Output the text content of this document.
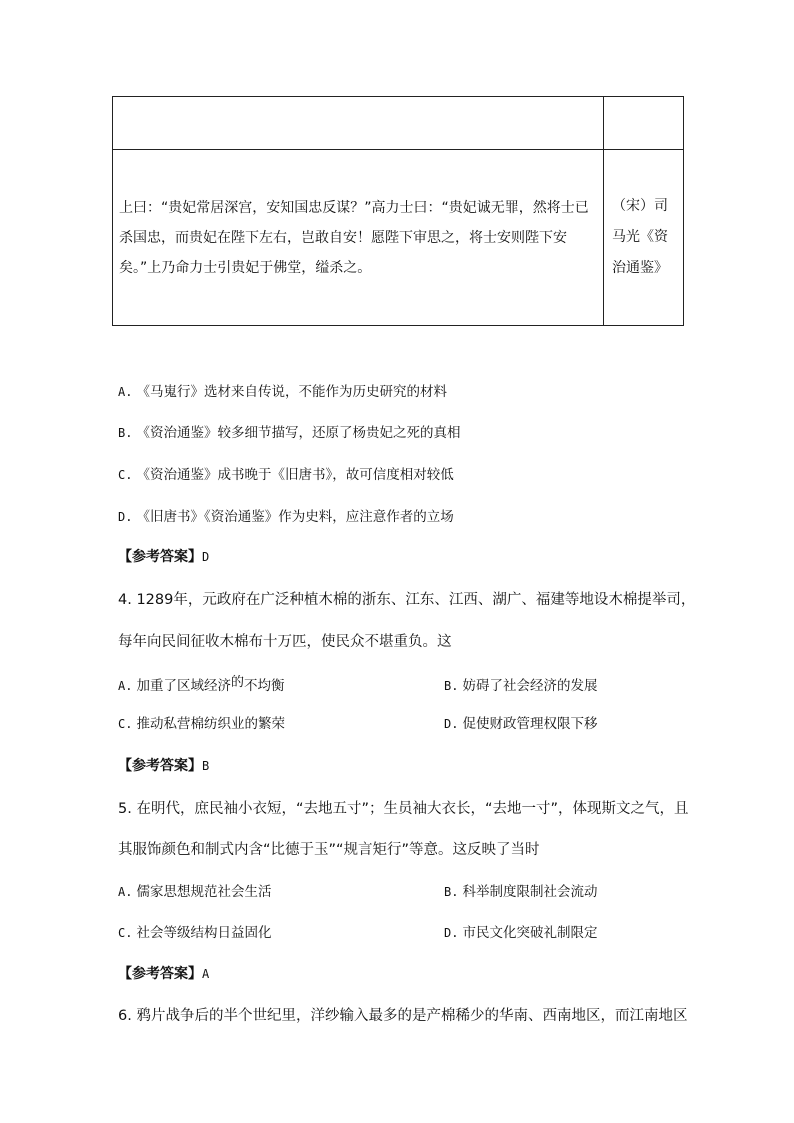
上曰：“贵妃常居深宫，安知国忠反谋？”高力士曰：“贵妃诚无罪，然将士已杀国忠，而贵妃在陛下左右，岂敢自安！愿陛下审思之，将士安则陛下安矣。”上乃命力士引贵妃于佛堂，缢杀之。	（宋）司马光《资治通鉴》
A. 《马嵬行》选材来自传说，不能作为历史研究的材料
B. 《资治通鉴》较多细节描写，还原了杨贵妃之死的真相
C. 《资治通鉴》成书晚于《旧唐书》，故可信度相对较低
D. 《旧唐书》《资治通鉴》作为史料，应注意作者的立场
【参考答案】D
4. 1289年，元政府在广泛种植木棉的浙东、江东、江西、湖广、福建等地设木棉提举司，
每年向民间征收木棉布十万匹，使民众不堪重负。这
A. 加重了区域经济的不均衡	B. 妨碍了社会经济的发展
C. 推动私营棉纺织业的繁荣	D. 促使财政管理权限下移
【参考答案】B
5. 在明代，庶民袖小衣短，“去地五寸”；生员袖大衣长，“去地一寸”，体现斯文之气，且
其服饰颜色和制式内含“比德于玉”“规言矩行”等意。这反映了当时
A. 儒家思想规范社会生活	B. 科举制度限制社会流动
C. 社会等级结构日益固化	D. 市民文化突破礼制限定
【参考答案】A
6. 鸦片战争后的半个世纪里，洋纱输入最多的是产棉稀少的华南、西南地区，而江南地区
